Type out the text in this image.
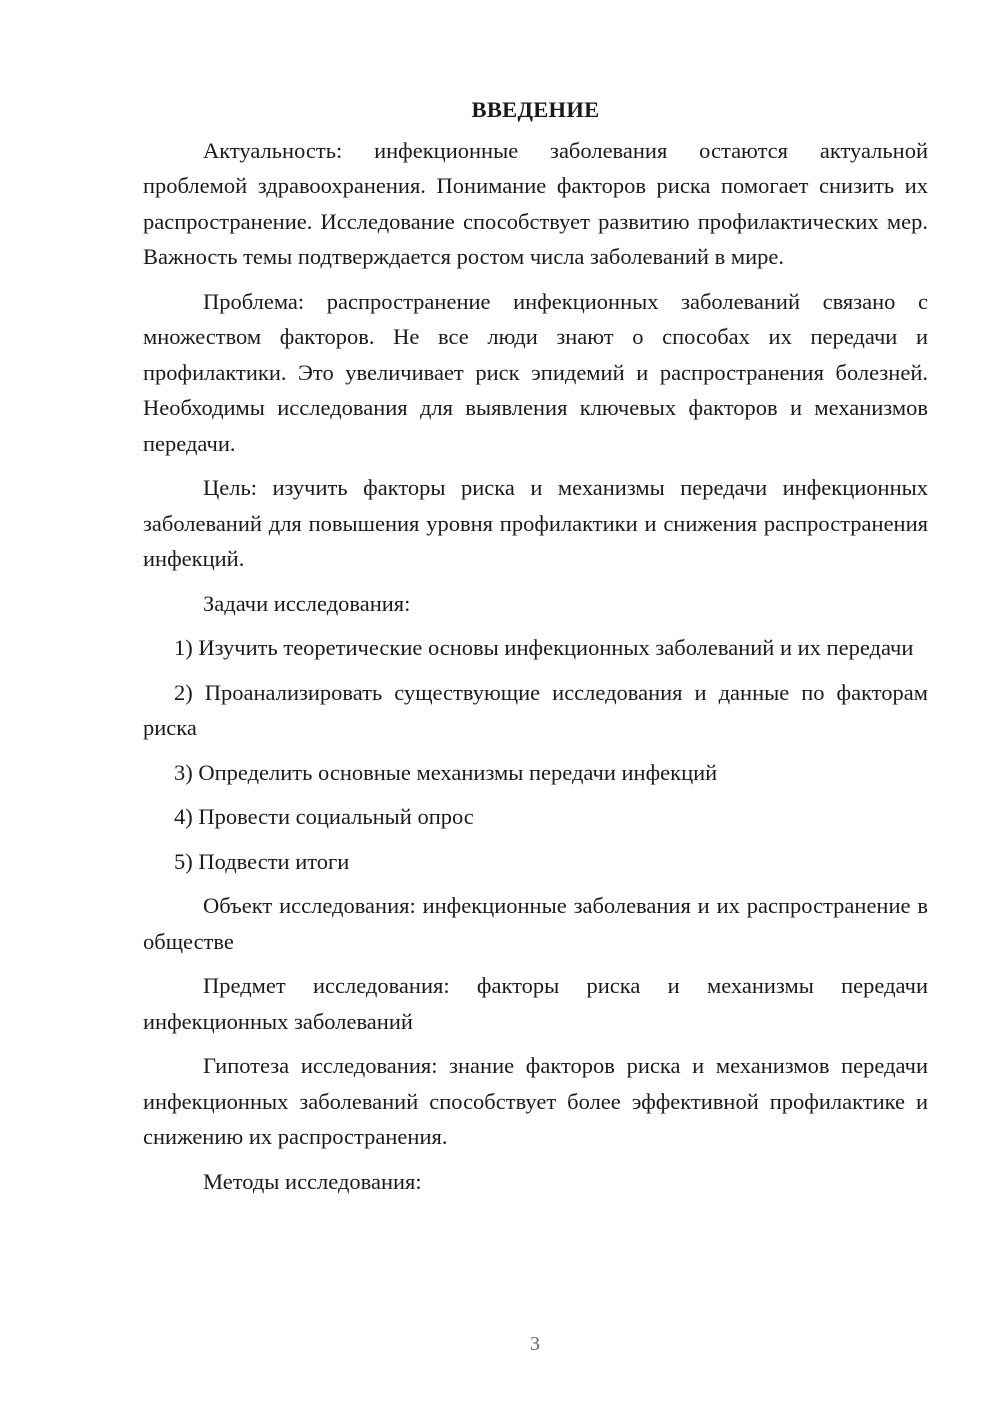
ВВЕДЕНИЕ

Актуальность: инфекционные заболевания остаются актуальной проблемой здравоохранения. Понимание факторов риска помогает снизить их распространение. Исследование способствует развитию профилактических мер. Важность темы подтверждается ростом числа заболеваний в мире.

Проблема: распространение инфекционных заболеваний связано с множеством факторов. Не все люди знают о способах их передачи и профилактики. Это увеличивает риск эпидемий и распространения болезней. Необходимы исследования для выявления ключевых факторов и механизмов передачи.

Цель: изучить факторы риска и механизмы передачи инфекционных заболеваний для повышения уровня профилактики и снижения распространения инфекций.

Задачи исследования:

1) Изучить теоретические основы инфекционных заболеваний и их передачи

2) Проанализировать существующие исследования и данные по факторам риска

3) Определить основные механизмы передачи инфекций

4) Провести социальный опрос

5) Подвести итоги

Объект исследования: инфекционные заболевания и их распространение в обществе

Предмет исследования: факторы риска и механизмы передачи инфекционных заболеваний

Гипотеза исследования: знание факторов риска и механизмов передачи инфекционных заболеваний способствует более эффективной профилактике и снижению их распространения.

Методы исследования:

3
